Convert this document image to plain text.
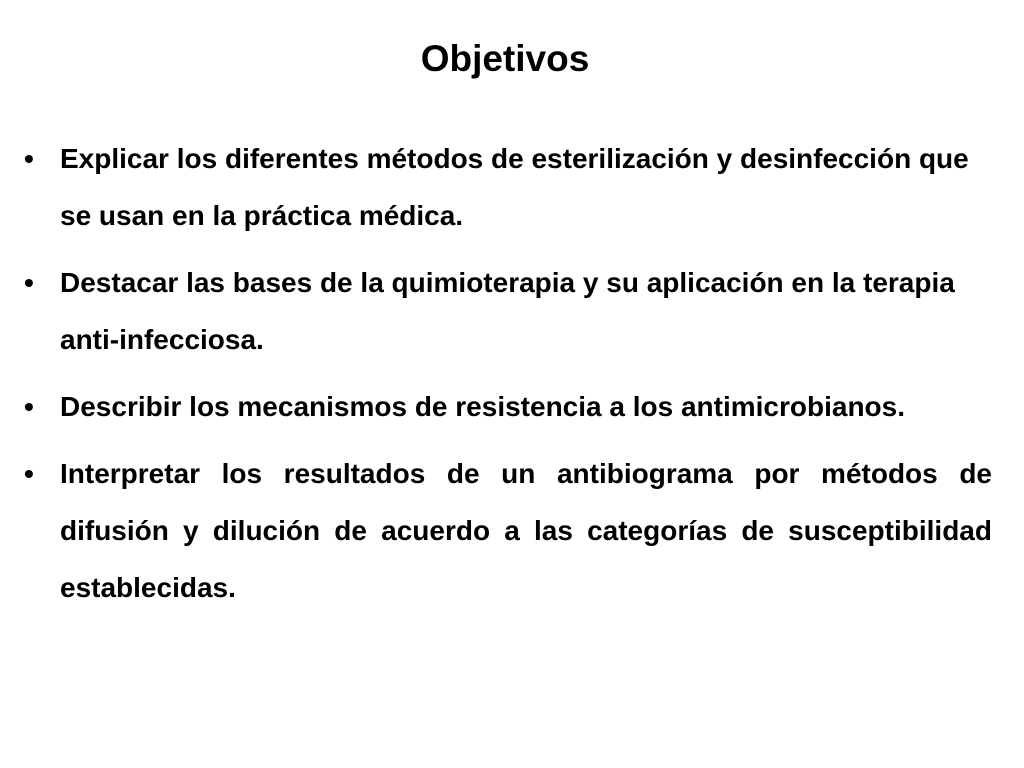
Objetivos
• Explicar los diferentes métodos de esterilización y desinfección que se usan en la práctica médica.
• Destacar las bases de la quimioterapia y su aplicación en la terapia anti-infecciosa.
• Describir los mecanismos de resistencia a los antimicrobianos.
• Interpretar los resultados de un antibiograma por métodos de difusión y dilución de acuerdo a las categorías de susceptibilidad establecidas.
